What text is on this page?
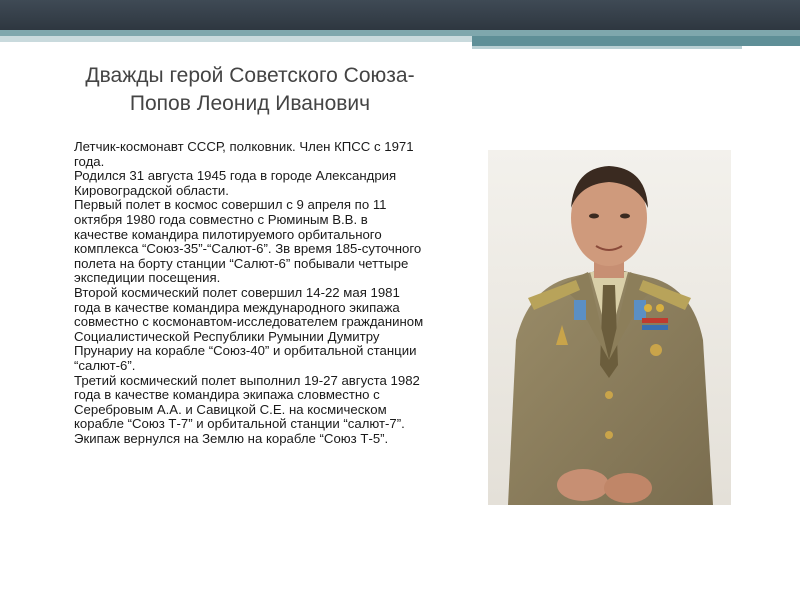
Дважды герой Советского Союза-
Попов Леонид Иванович

Летчик-космонавт СССР, полковник. Член КПСС с 1971 года.

Родился 31 августа 1945 года в городе Александрия Кировоградской области.

Первый полет в космос совершил с 9 апреля по 11 октября 1980 года совместно с Рюминым В.В. в качестве командира пилотируемого орбитального комплекса “Союз-35”-“Салют-6”. Зв время 185-суточного полета на борту станции “Салют-6” побывали четтыре экспедиции посещения.

Второй космический полет совершил 14-22 мая 1981 года в качестве командира международного экипажа совместно с космонавтом-исследователем гражданином Социалистической Республики Румынии Думитру Прунариу на корабле “Союз-40” и орбитальной станции “салют-6”.

Третий космический полет выполнил 19-27 августа 1982 года в качестве командира экипажа словместно с Серебровым А.А. и Савицкой С.Е. на космическом корабле “Союз Т-7” и орбитальной станции “салют-7”.

Экипаж вернулся на Землю на корабле “Союз Т-5”.
